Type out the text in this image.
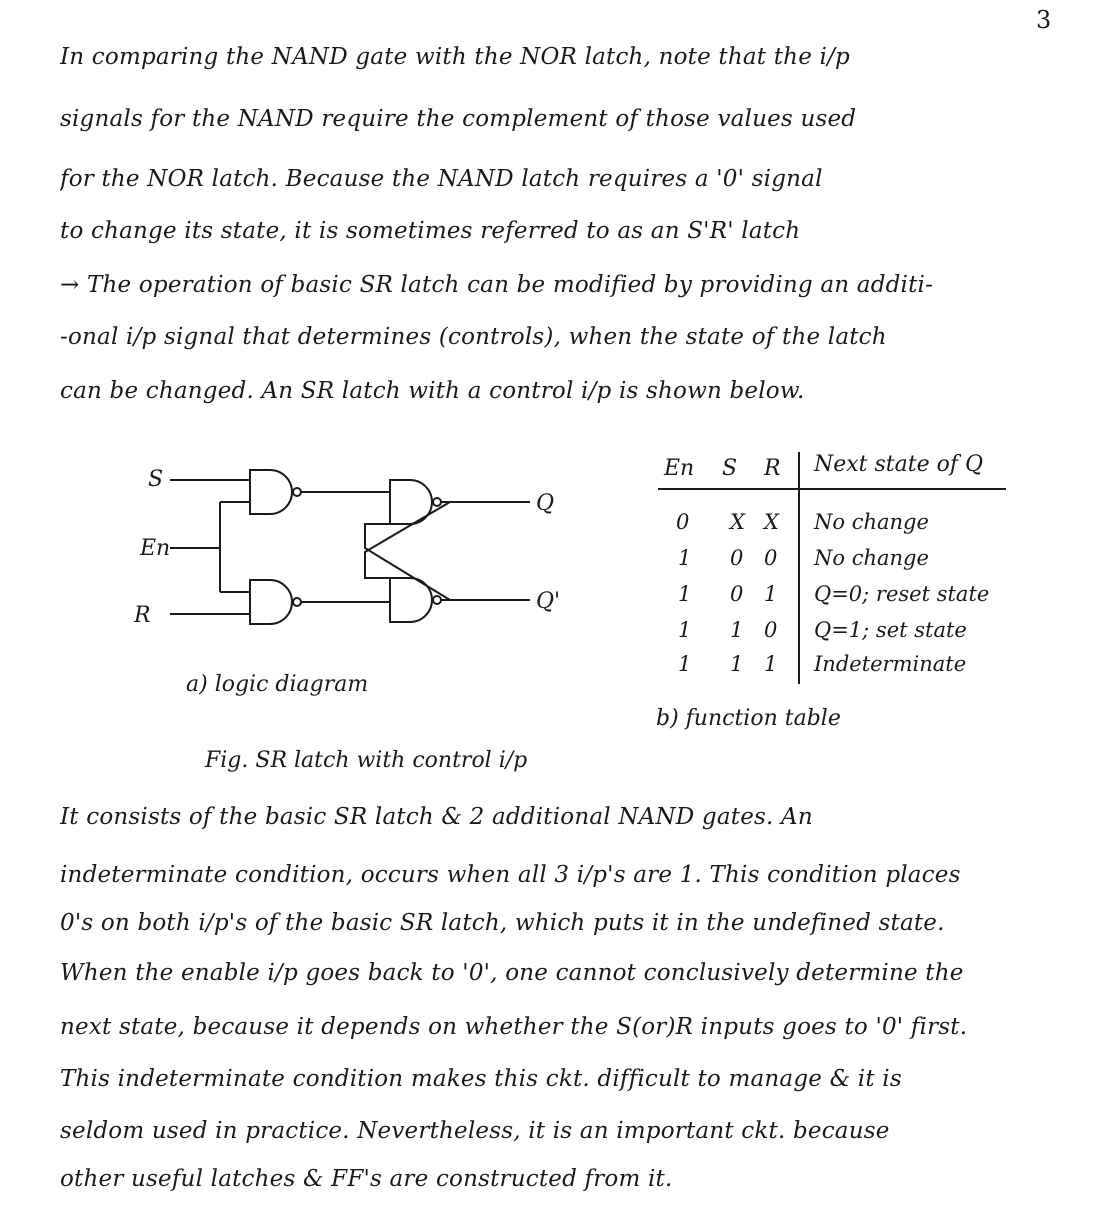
3
In comparing the NAND gate with the NOR latch, note that the i/p
signals for the NAND require the complement of those values used
for the NOR latch. Because the NAND latch requires a '0' signal
to change its state, it is sometimes referred to as an S'R' latch
→ The operation of basic SR latch can be modified by providing an additi-
-onal i/p signal that determines (controls), when the state of the latch
can be changed. An SR latch with a control i/p is shown below.
S
En
R
Q
Q'
En S R Next state of Q
0 X X No change
1 0 0 No change
1 0 1 Q=0; reset state
1 1 0 Q=1; set state
1 1 1 Indeterminate
a) logic diagram
b) function table
Fig. SR latch with control i/p
It consists of the basic SR latch & 2 additional NAND gates. An
indeterminate condition, occurs when all 3 i/p's are 1. This condition places
0's on both i/p's of the basic SR latch, which puts it in the undefined state.
When the enable i/p goes back to '0', one cannot conclusively determine the
next state, because it depends on whether the S(or)R inputs goes to '0' first.
This indeterminate condition makes this ckt. difficult to manage & it is
seldom used in practice. Nevertheless, it is an important ckt. because
other useful latches & FF's are constructed from it.
